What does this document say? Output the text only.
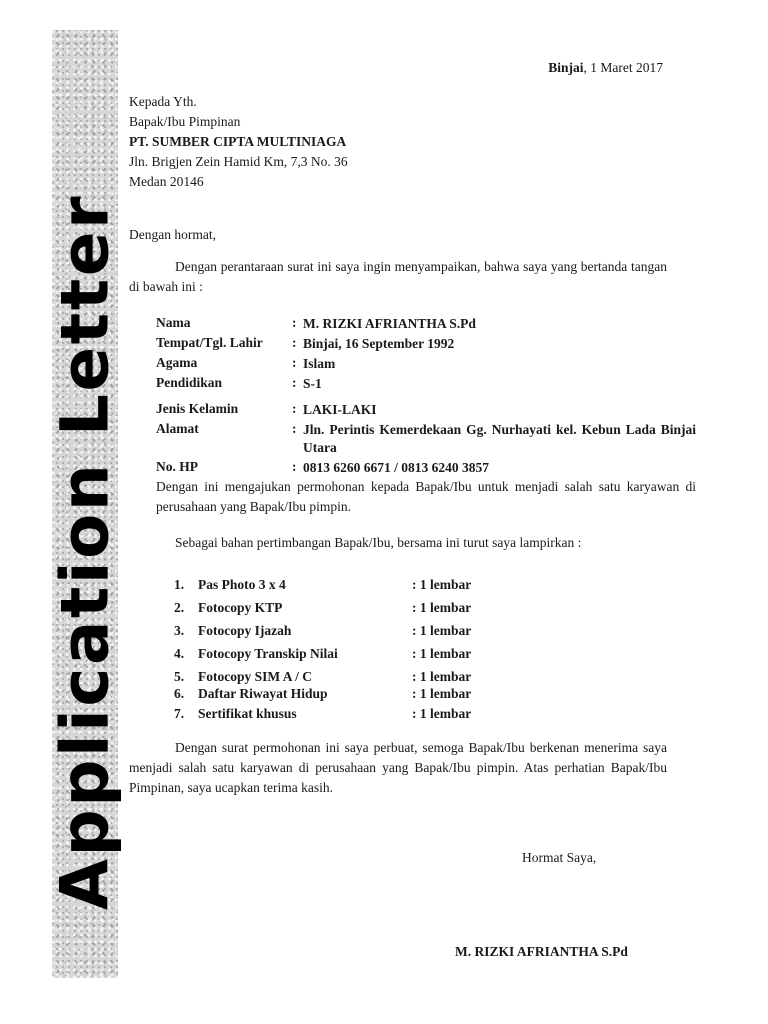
Application Letter
Binjai, 1 Maret 2017
Kepada Yth.
Bapak/Ibu Pimpinan
PT. SUMBER CIPTA MULTINIAGA
Jln. Brigjen Zein Hamid Km, 7,3 No. 36
Medan 20146
Dengan hormat,
Dengan perantaraan surat ini saya ingin menyampaikan, bahwa saya yang bertanda tangan di bawah ini :
Nama	: M. RIZKI AFRIANTHA S.Pd
Tempat/Tgl. Lahir : Binjai, 16 September 1992
Agama	: Islam
Pendidikan	: S-1
Jenis Kelamin	: LAKI-LAKI
Alamat	: Jln. Perintis Kemerdekaan Gg. Nurhayati kel. Kebun Lada Binjai Utara
No. HP	: 0813 6260 6671 / 0813 6240 3857
Dengan ini mengajukan permohonan kepada Bapak/Ibu untuk menjadi salah satu karyawan di perusahaan yang Bapak/Ibu pimpin.
Sebagai bahan pertimbangan Bapak/Ibu, bersama ini turut saya lampirkan :
1. Pas Photo 3 x 4	: 1 lembar
2. Fotocopy KTP	: 1 lembar
3. Fotocopy Ijazah	: 1 lembar
4. Fotocopy Transkip Nilai	: 1 lembar
5. Fotocopy SIM A / C	: 1 lembar
6. Daftar Riwayat Hidup	: 1 lembar
7. Sertifikat khusus	: 1 lembar
Dengan surat permohonan ini saya perbuat, semoga Bapak/Ibu berkenan menerima saya menjadi salah satu karyawan di perusahaan yang Bapak/Ibu pimpin. Atas perhatian Bapak/Ibu Pimpinan, saya ucapkan terima kasih.
Hormat Saya,
M. RIZKI AFRIANTHA S.Pd
